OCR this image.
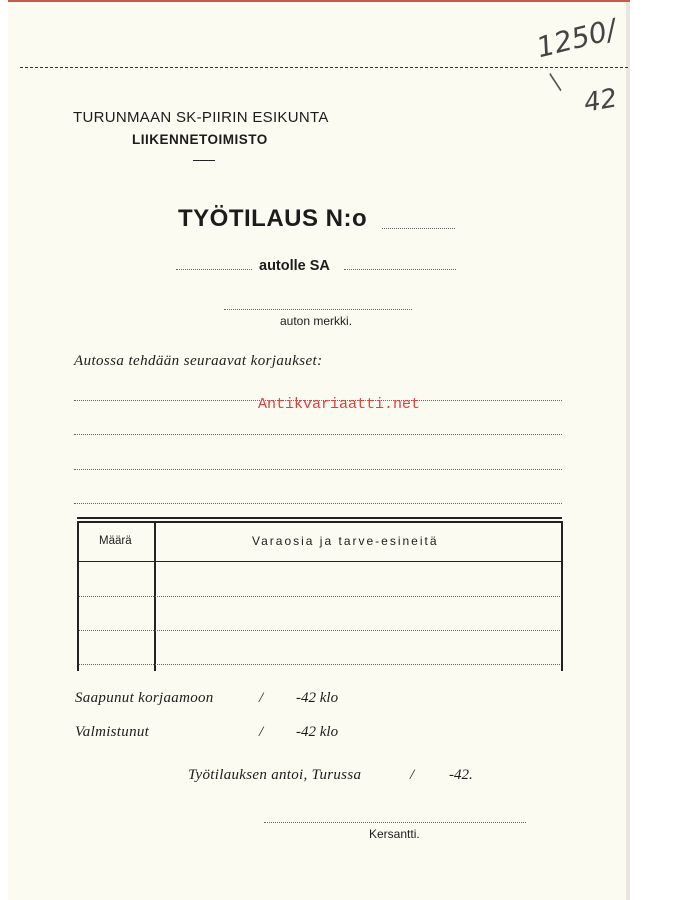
1250/
/
42
TURUNMAAN SK-PIIRIN ESIKUNTA
LIIKENNETOIMISTO
TYÖTILAUS N:o
autolle SA
auton merkki.
Autossa tehdään seuraavat korjaukset:
Antikvariaatti.net
Määrä	Varaosia ja tarve-esineitä
Saapunut korjaamoon	/ -42 klo
Valmistunut	/ -42 klo
Työtilauksen antoi, Turussa	/ -42.
Kersantti.
